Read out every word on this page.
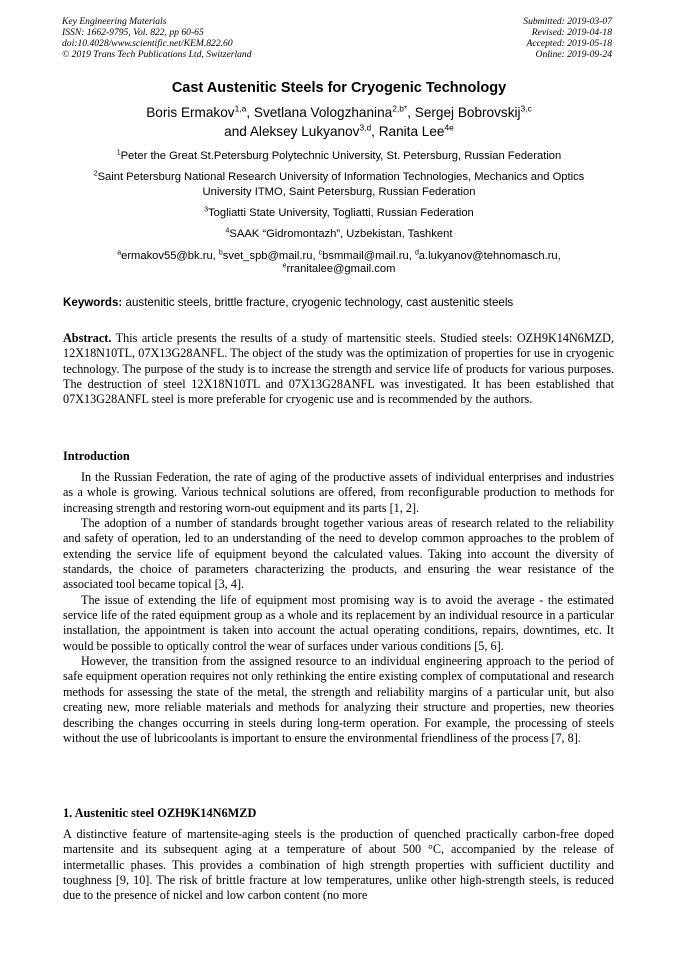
Key Engineering Materials
ISSN: 1662-9795, Vol. 822, pp 60-65
doi:10.4028/www.scientific.net/KEM.822.60
© 2019 Trans Tech Publications Ltd, Switzerland
Submitted: 2019-03-07
Revised: 2019-04-18
Accepted: 2019-05-18
Online: 2019-09-24
Cast Austenitic Steels for Cryogenic Technology
Boris Ermakov$^{1,a}$, Svetlana Vologzhanina$^{2,b*}$, Sergej Bobrovskij$^{3,c}$
and Aleksey Lukyanov$^{3,d}$, Ranita Lee$^{4e}$
$^1$Peter the Great St.Petersburg Polytechnic University, St. Petersburg, Russian Federation
$^2$Saint Petersburg National Research University of Information Technologies, Mechanics and Optics University ITMO, Saint Petersburg, Russian Federation
$^3$Togliatti State University, Togliatti, Russian Federation
$^4$SAAK “Gidromontazh”, Uzbekistan, Tashkent
$^a$ermakov55@bk.ru, $^b$svet_spb@mail.ru, $^c$bsmmail@mail.ru, $^d$a.lukyanov@tehnomasch.ru,
$^e$rranitalee@gmail.com
Keywords: austenitic steels, brittle fracture, cryogenic technology, cast austenitic steels

Abstract. This article presents the results of a study of martensitic steels. Studied steels: OZH9K14N6MZD, 12X18N10TL, 07X13G28ANFL. The object of the study was the optimization of properties for use in cryogenic technology. The purpose of the study is to increase the strength and service life of products for various purposes. The destruction of steel 12X18N10TL and 07X13G28ANFL was investigated. It has been established that 07X13G28ANFL steel is more preferable for cryogenic use and is recommended by the authors.

Introduction

In the Russian Federation, the rate of aging of the productive assets of individual enterprises and industries as a whole is growing. Various technical solutions are offered, from reconfigurable production to methods for increasing strength and restoring worn-out equipment and its parts [1, 2].

The adoption of a number of standards brought together various areas of research related to the reliability and safety of operation, led to an understanding of the need to develop common approaches to the problem of extending the service life of equipment beyond the calculated values. Taking into account the diversity of standards, the choice of parameters characterizing the products, and ensuring the wear resistance of the associated tool became topical [3, 4].

The issue of extending the life of equipment most promising way is to avoid the average - the estimated service life of the rated equipment group as a whole and its replacement by an individual resource in a particular installation, the appointment is taken into account the actual operating conditions, repairs, downtimes, etc. It would be possible to optically control the wear of surfaces under various conditions [5, 6].

However, the transition from the assigned resource to an individual engineering approach to the period of safe equipment operation requires not only rethinking the entire existing complex of computational and research methods for assessing the state of the metal, the strength and reliability margins of a particular unit, but also creating new, more reliable materials and methods for analyzing their structure and properties, new theories describing the changes occurring in steels during long-term operation. For example, the processing of steels without the use of lubricoolants is important to ensure the environmental friendliness of the process [7, 8].

1. Austenitic steel OZH9K14N6MZD

A distinctive feature of martensite-aging steels is the production of quenched practically carbon-free doped martensite and its subsequent aging at a temperature of about 500 °C, accompanied by the release of intermetallic phases. This provides a combination of high strength properties with sufficient ductility and toughness [9, 10]. The risk of brittle fracture at low temperatures, unlike other high-strength steels, is reduced due to the presence of nickel and low carbon content (no more
